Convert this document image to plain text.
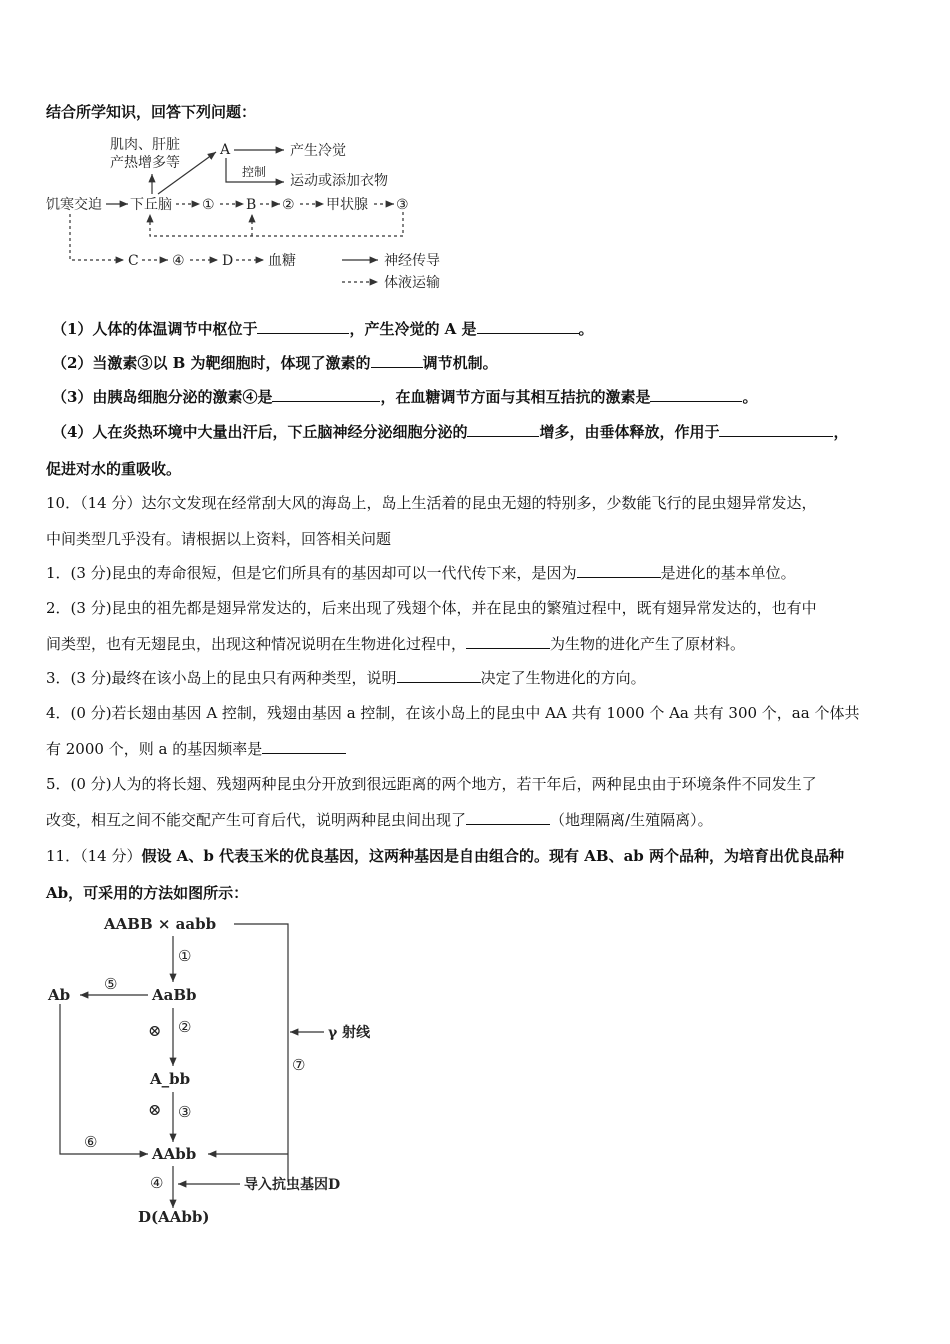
结合所学知识，回答下列问题：
肌肉、肝脏
产热增多等
A	产生冷觉
控制
运动或添加衣物
饥寒交迫 下丘脑 ① B ② 甲状腺 ③
C ④	D 血糖	神经传导
体液运输
（1）人体的体温调节中枢位于	，产生冷觉的 A 是	。
（2）当激素③以 B 为靶细胞时，体现了激素的	调节机制。
（3）由胰岛细胞分泌的激素④是	，在血糖调节方面与其相互拮抗的激素是	。
（4）人在炎热环境中大量出汗后，下丘脑神经分泌细胞分泌的	增多，由垂体释放，作用于	，
促进对水的重吸收。
10．（14 分）达尔文发现在经常刮大风的海岛上，岛上生活着的昆虫无翅的特别多，少数能飞行的昆虫翅异常发达，
中间类型几乎没有。请根据以上资料，回答相关问题
1．(3 分)昆虫的寿命很短，但是它们所具有的基因却可以一代代传下来，是因为	是进化的基本单位。
2．(3 分)昆虫的祖先都是翅异常发达的，后来出现了残翅个体，并在昆虫的繁殖过程中，既有翅异常发达的，也有中
间类型，也有无翅昆虫，出现这种情况说明在生物进化过程中，	为生物的进化产生了原材料。
3．(3 分)最终在该小岛上的昆虫只有两种类型，说明	决定了生物进化的方向。
4．(0 分)若长翅由基因 A 控制，残翅由基因 a 控制，在该小岛上的昆虫中 AA 共有 1000 个 Aa 共有 300 个，aa 个体共
有 2000 个，则 a 的基因频率是
5．(0 分)人为的将长翅、残翅两种昆虫分开放到很远距离的两个地方，若干年后，两种昆虫由于环境条件不同发生了
改变，相互之间不能交配产生可育后代，说明两种昆虫间出现了	（地理隔离/生殖隔离）。
11．（14 分）假设 A、b 代表玉米的优良基因，这两种基因是自由组合的。现有 AB、ab 两个品种，为培育出优良品种
Ab，可采用的方法如图所示：
AABB × aabb
①
Ab
⑤
AaBb
⊗ ②	γ 射线
⑦
A_bb
⊗ ③
⑥
AAbb
④	导入抗虫基因D
D(AAbb)
